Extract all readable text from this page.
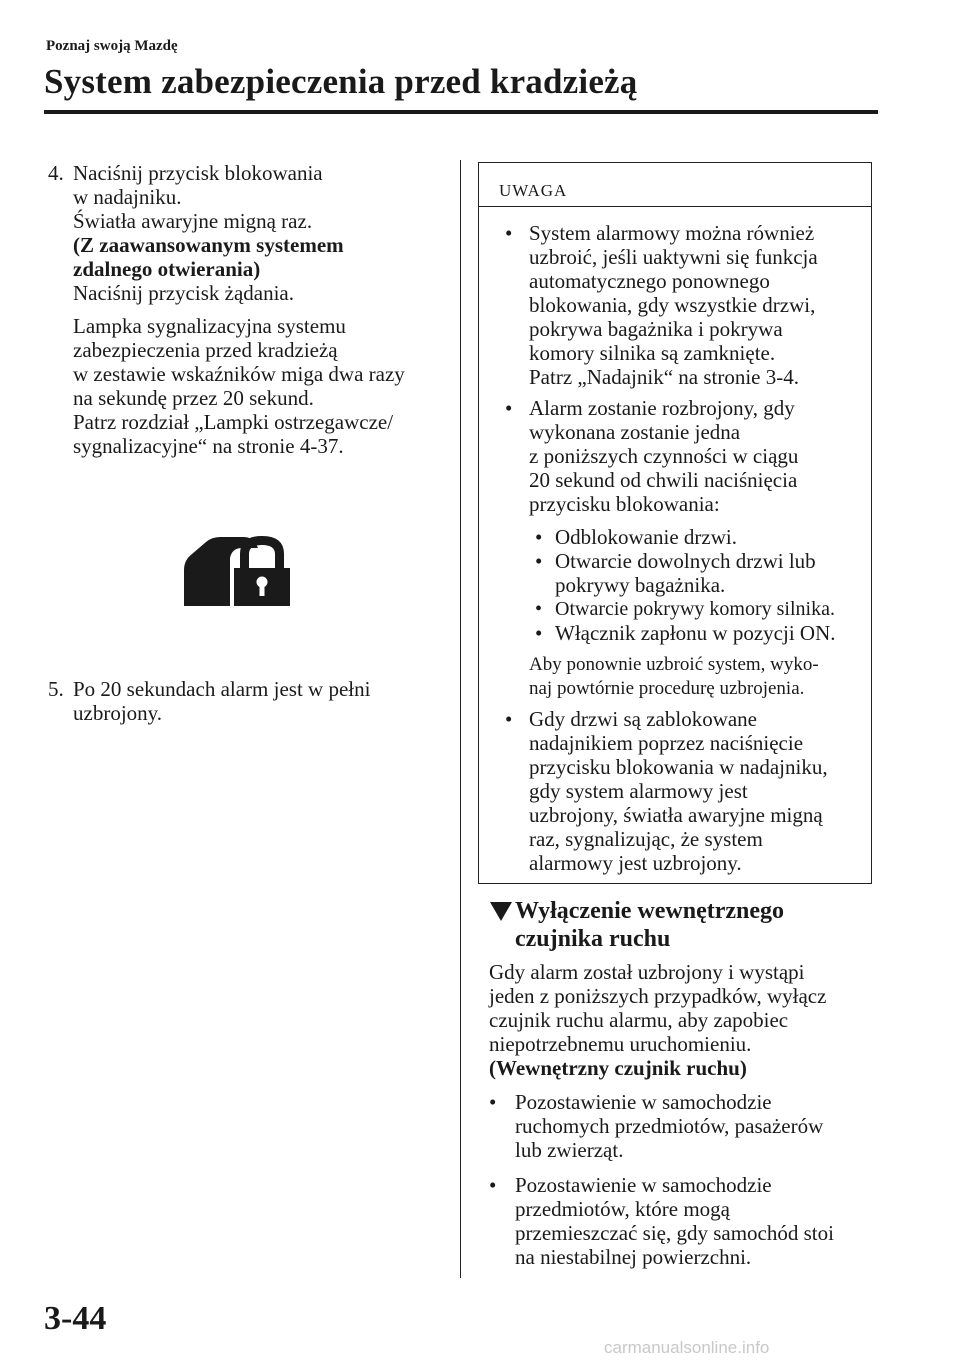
Poznaj swoją Mazdę
System zabezpieczenia przed kradzieżą
4. Naciśnij przycisk blokowania
w nadajniku.
Światła awaryjne migną raz.
(Z zaawansowanym systemem
zdalnego otwierania)
Naciśnij przycisk żądania.
Lampka sygnalizacyjna systemu
zabezpieczenia przed kradzieżą
w zestawie wskaźników miga dwa razy
na sekundę przez 20 sekund.
Patrz rozdział „Lampki ostrzegawcze/
sygnalizacyjne“ na stronie 4-37.
5. Po 20 sekundach alarm jest w pełni
uzbrojony.
UWAGA
• System alarmowy można również
uzbroić, jeśli uaktywni się funkcja
automatycznego ponownego
blokowania, gdy wszystkie drzwi,
pokrywa bagażnika i pokrywa
komory silnika są zamknięte.
Patrz „Nadajnik“ na stronie 3-4.
• Alarm zostanie rozbrojony, gdy
wykonana zostanie jedna
z poniższych czynności w ciągu
20 sekund od chwili naciśnięcia
przycisku blokowania:
• Odblokowanie drzwi.
• Otwarcie dowolnych drzwi lub
pokrywy bagażnika.
• Otwarcie pokrywy komory silnika.
• Włącznik zapłonu w pozycji ON.
Aby ponownie uzbroić system, wyko-
naj powtórnie procedurę uzbrojenia.
• Gdy drzwi są zablokowane
nadajnikiem poprzez naciśnięcie
przycisku blokowania w nadajniku,
gdy system alarmowy jest
uzbrojony, światła awaryjne migną
raz, sygnalizując, że system
alarmowy jest uzbrojony.
Wyłączenie wewnętrznego
czujnika ruchu
Gdy alarm został uzbrojony i wystąpi
jeden z poniższych przypadków, wyłącz
czujnik ruchu alarmu, aby zapobiec
niepotrzebnemu uruchomieniu.
(Wewnętrzny czujnik ruchu)
• Pozostawienie w samochodzie
ruchomych przedmiotów, pasażerów
lub zwierząt.
• Pozostawienie w samochodzie
przedmiotów, które mogą
przemieszczać się, gdy samochód stoi
na niestabilnej powierzchni.
3-44
carmanualsonline.info
